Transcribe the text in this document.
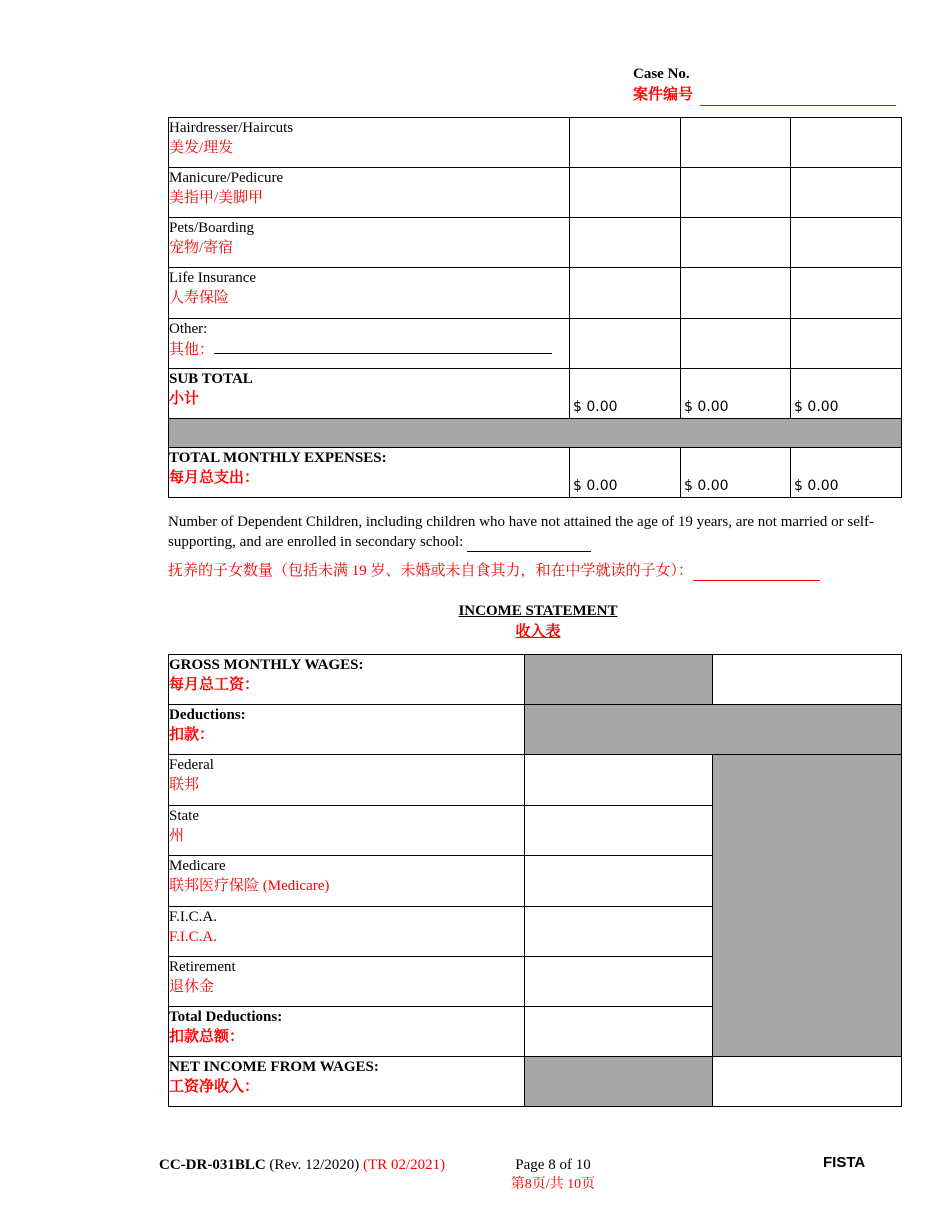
Case No.
案件编号
Hairdresser/Haircuts
美发/理发			

Manicure/Pedicure
美指甲/美脚甲			

Pets/Boarding
宠物/寄宿			

Life Insurance
人寿保险			

Other:
其他：			

SUB TOTAL
小计	$ 0.00	$ 0.00	$ 0.00

TOTAL MONTHLY EXPENSES:
每月总支出：	$ 0.00	$ 0.00	$ 0.00
Number of Dependent Children, including children who have not attained the age of 19 years, are not married or self-supporting, and are enrolled in secondary school:
抚养的子女数量（包括未满 19 岁、未婚或未自食其力，和在中学就读的子女）：
INCOME STATEMENT
收入表
GROSS MONTHLY WAGES:
每月总工资：		

Deductions:
扣款：		

Federal
联邦		

State
州		

Medicare
联邦医疗保险 (Medicare)		

F.I.C.A.
F.I.C.A.		

Retirement
退休金		

Total Deductions:
扣款总额：		

NET INCOME FROM WAGES:
工资净收入：		

CC-DR-031BLC (Rev. 12/2020) (TR 02/2021)	Page 8 of 10
第8页/共 10页
FISTA
